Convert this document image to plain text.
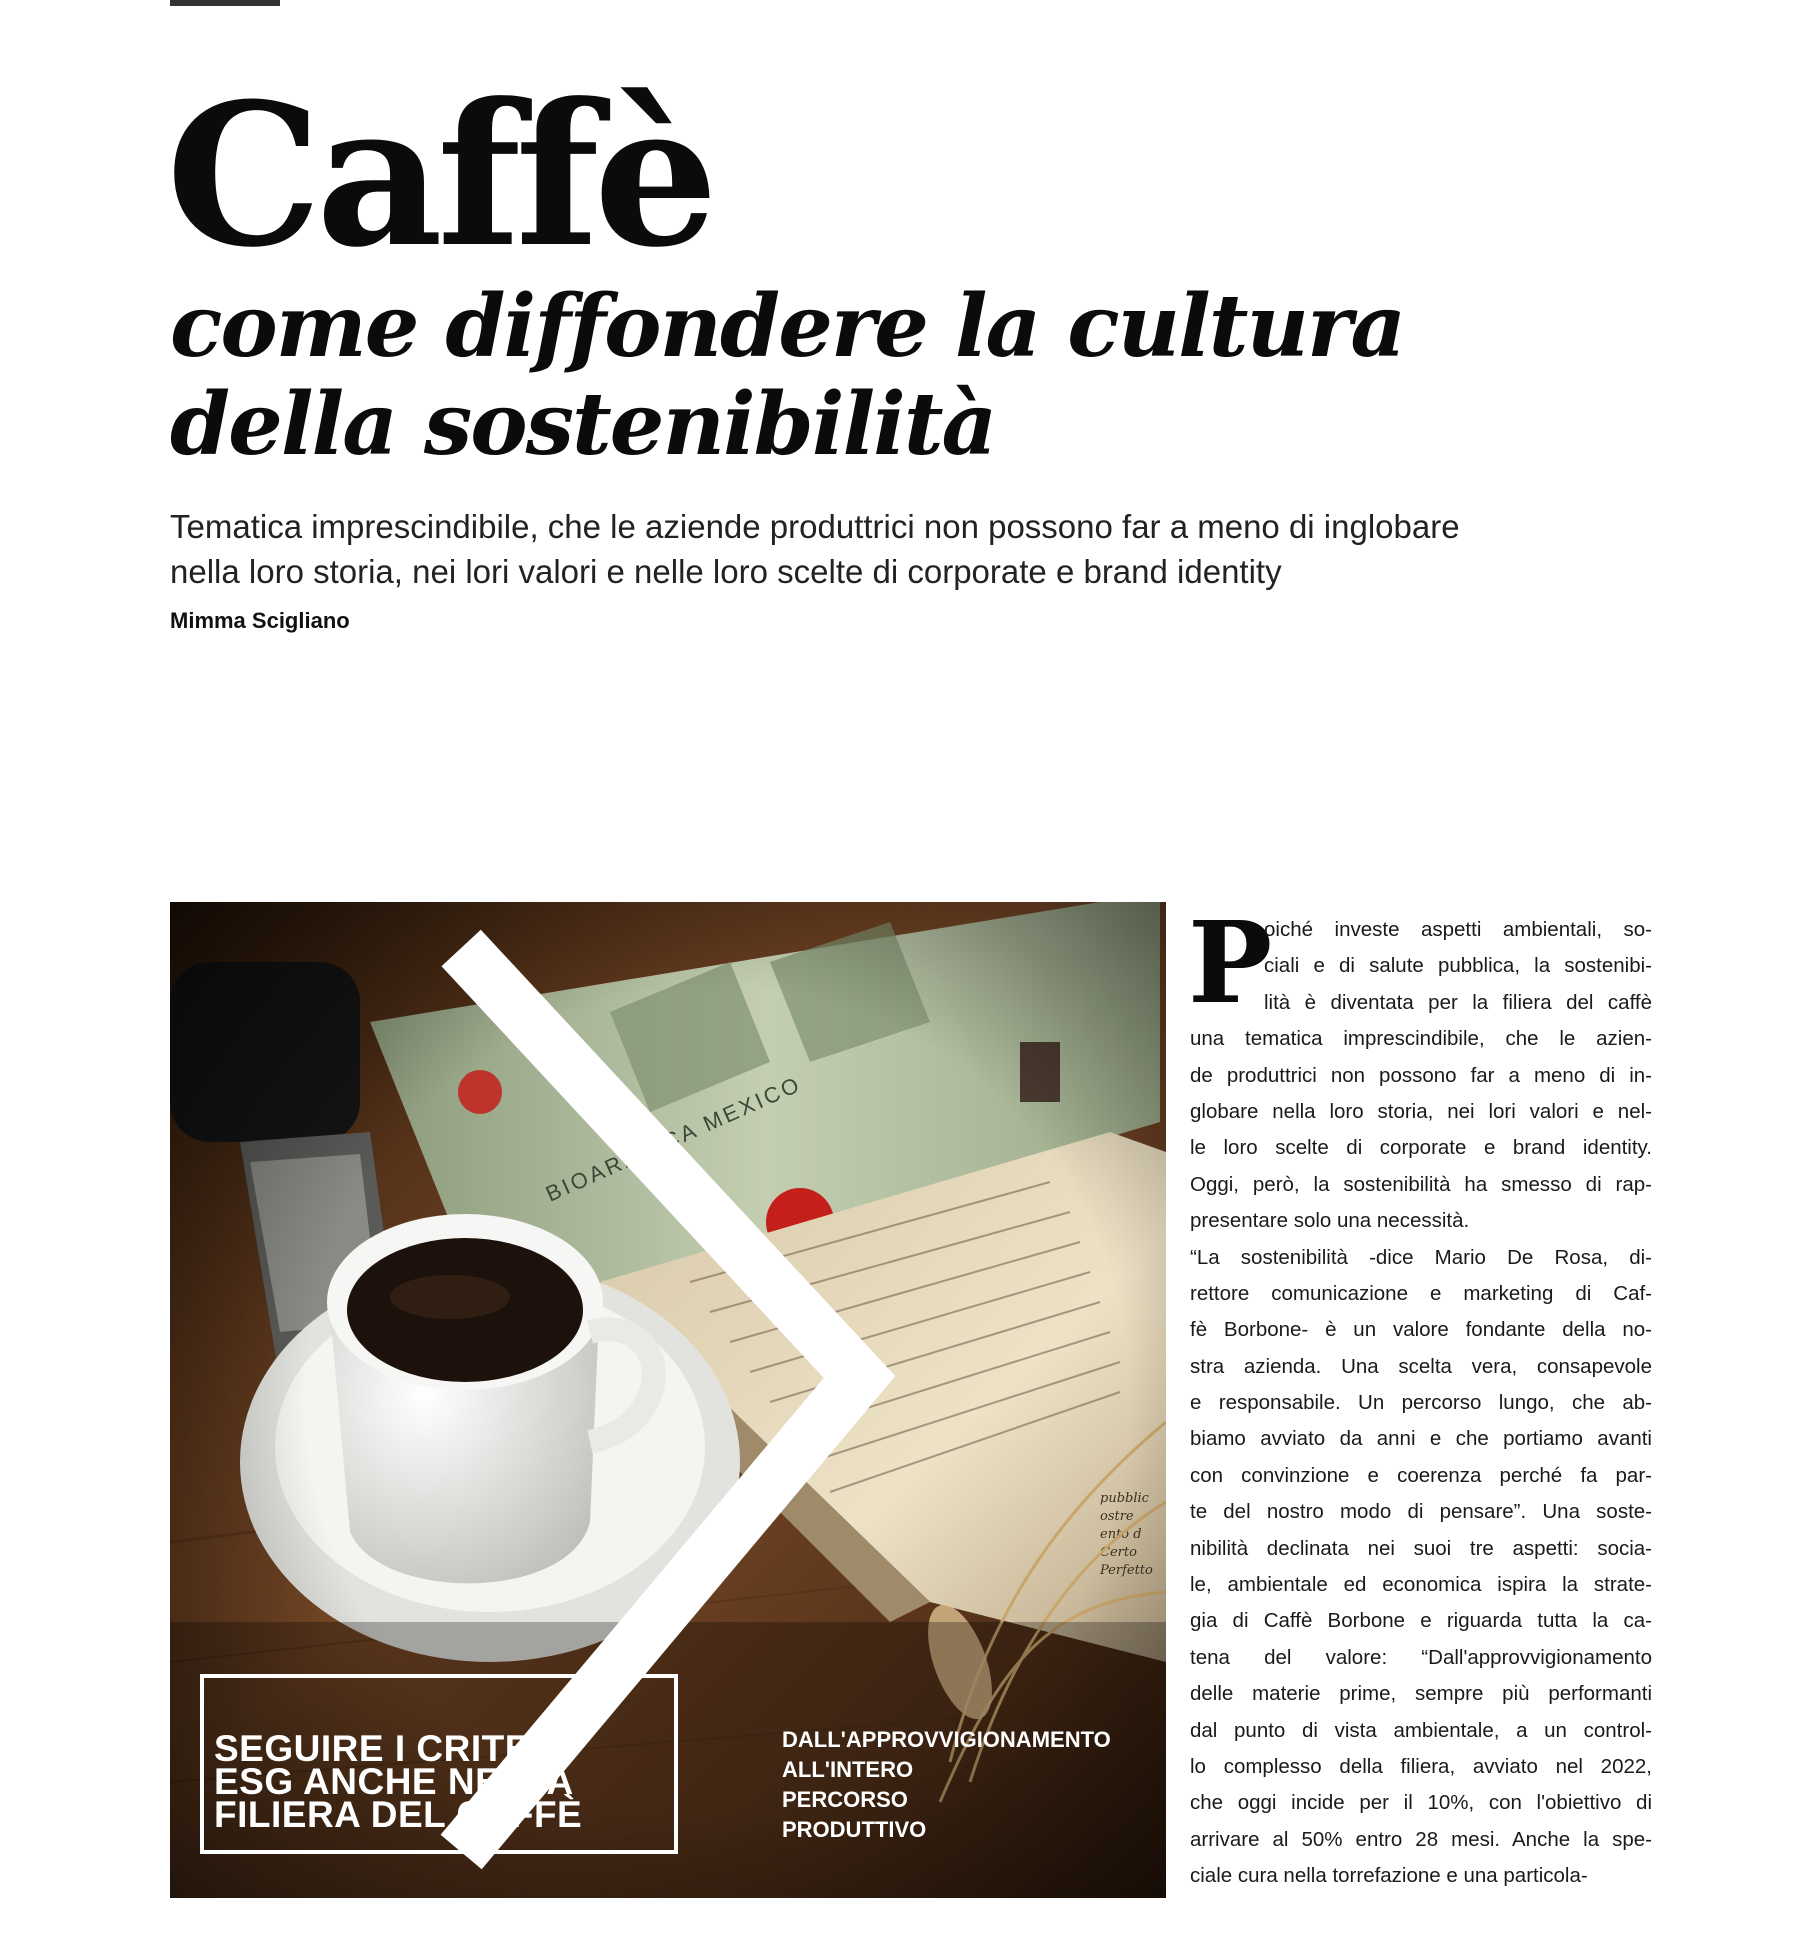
Caffè
come diffondere la cultura
della sostenibilità
Tematica imprescindibile, che le aziende produttrici non possono far a meno di inglobare
nella loro storia, nei lori valori e nelle loro scelte di corporate e brand identity
Mimma Scigliano
SEGUIRE I CRITERI
ESG ANCHE NELLA
FILIERA DEL CAFFÈ
DALL'APPROVVIGIONAMENTO
ALL'INTERO
PERCORSO
PRODUTTIVO
P
oiché investe aspetti ambientali, so-
ciali e di salute pubblica, la sostenibi-
lità è diventata per la filiera del caffè
una tematica imprescindibile, che le azien-
de produttrici non possono far a meno di in-
globare nella loro storia, nei lori valori e nel-
le loro scelte di corporate e brand identity.
Oggi, però, la sostenibilità ha smesso di rap-
presentare solo una necessità.
“La sostenibilità -dice Mario De Rosa, di-
rettore comunicazione e marketing di Caf-
fè Borbone- è un valore fondante della no-
stra azienda. Una scelta vera, consapevole
e responsabile. Un percorso lungo, che ab-
biamo avviato da anni e che portiamo avanti
con convinzione e coerenza perché fa par-
te del nostro modo di pensare”. Una soste-
nibilità declinata nei suoi tre aspetti: socia-
le, ambientale ed economica ispira la strate-
gia di Caffè Borbone e riguarda tutta la ca-
tena del valore: “Dall'approvvigionamento
delle materie prime, sempre più performanti
dal punto di vista ambientale, a un control-
lo complesso della filiera, avviato nel 2022,
che oggi incide per il 10%, con l'obiettivo di
arrivare al 50% entro 28 mesi. Anche la spe-
ciale cura nella torrefazione e una particola-
